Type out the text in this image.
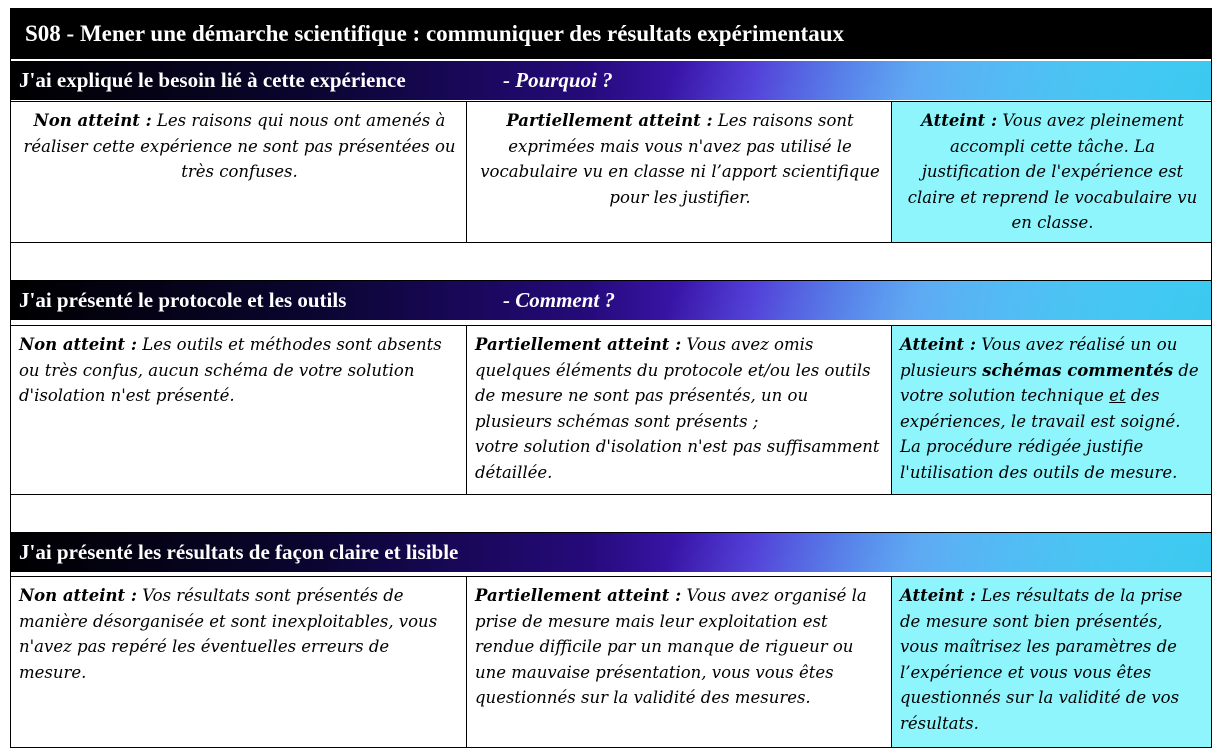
S08 - Mener une démarche scientifique : communiquer des résultats expérimentaux
J'ai expliqué le besoin lié à cette expérience	- Pourquoi ?
Non atteint : Les raisons qui nous ont amenés à réaliser cette expérience ne sont pas présentées ou très confuses.
Partiellement atteint : Les raisons sont exprimées mais vous n'avez pas utilisé le vocabulaire vu en classe ni l’apport scientifique pour les justifier.
Atteint : Vous avez pleinement accompli cette tâche. La justification de l'expérience est claire et reprend le vocabulaire vu en classe.
J'ai présenté le protocole et les outils	- Comment ?
Non atteint : Les outils et méthodes sont absents ou très confus, aucun schéma de votre solution d'isolation n'est présenté.
Partiellement atteint : Vous avez omis quelques éléments du protocole et/ou les outils de mesure ne sont pas présentés, un ou plusieurs schémas sont présents ;
votre solution d'isolation n'est pas suffisamment détaillée.
Atteint : Vous avez réalisé un ou plusieurs schémas commentés de votre solution technique et des expériences, le travail est soigné.
La procédure rédigée justifie l'utilisation des outils de mesure.
J'ai présenté les résultats de façon claire et lisible
Non atteint : Vos résultats sont présentés de manière désorganisée et sont inexploitables, vous n'avez pas repéré les éventuelles erreurs de mesure.
Partiellement atteint : Vous avez organisé la prise de mesure mais leur exploitation est rendue difficile par un manque de rigueur ou une mauvaise présentation, vous vous êtes questionnés sur la validité des mesures.
Atteint : Les résultats de la prise de mesure sont bien présentés, vous maîtrisez les paramètres de l’expérience et vous vous êtes questionnés sur la validité de vos résultats.
